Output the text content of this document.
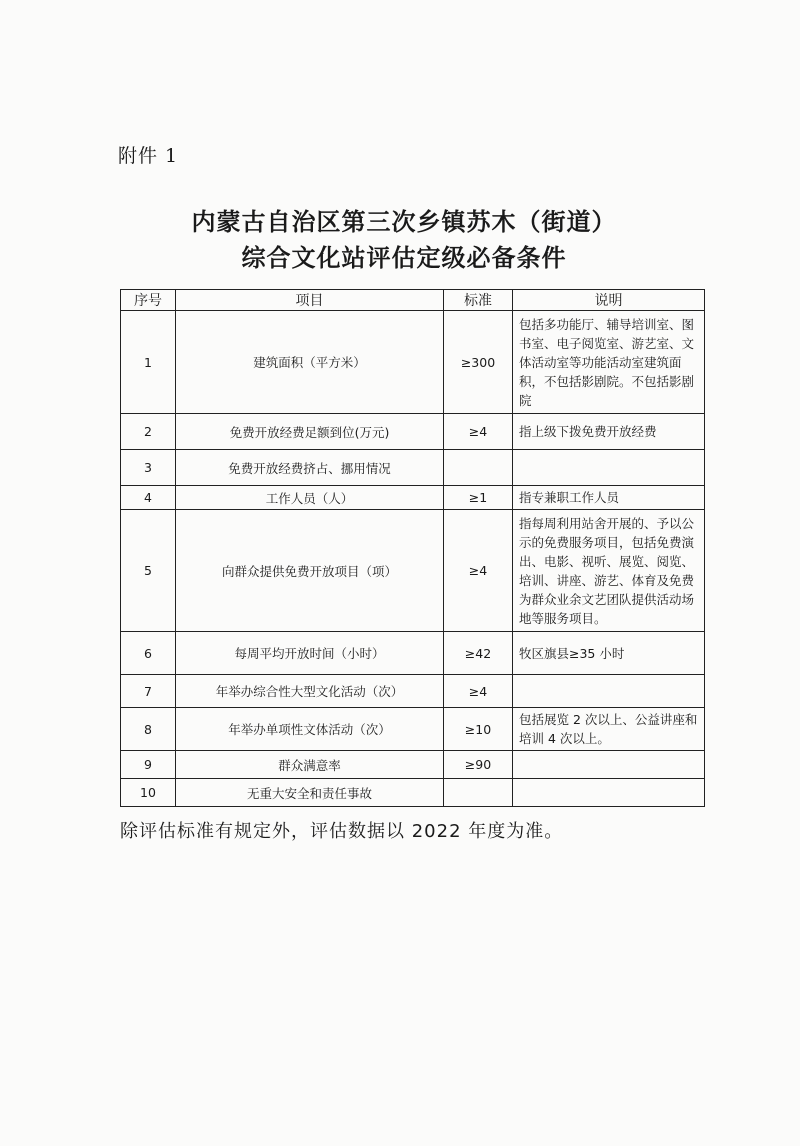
附件 1
内蒙古自治区第三次乡镇苏木（街道）
综合文化站评估定级必备条件
序号	项目	标准	说明
1	建筑面积（平方米）	≥300	包括多功能厅、辅导培训室、图书室、电子阅览室、游艺室、文体活动室等功能活动室建筑面积，不包括影剧院。不包括影剧院
2	免费开放经费足额到位(万元)	≥4	指上级下拨免费开放经费
3	免费开放经费挤占、挪用情况		
4	工作人员（人）	≥1	指专兼职工作人员
5	向群众提供免费开放项目（项）	≥4	指每周利用站舍开展的、予以公示的免费服务项目，包括免费演出、电影、视听、展览、阅览、培训、讲座、游艺、体育及免费为群众业余文艺团队提供活动场地等服务项目。
6	每周平均开放时间（小时）	≥42	牧区旗县≥35 小时
7	年举办综合性大型文化活动（次）	≥4	
8	年举办单项性文体活动（次）	≥10	包括展览 2 次以上、公益讲座和培训 4 次以上。
9	群众满意率	≥90	
10	无重大安全和责任事故		
除评估标准有规定外，评估数据以 2022 年度为准。
